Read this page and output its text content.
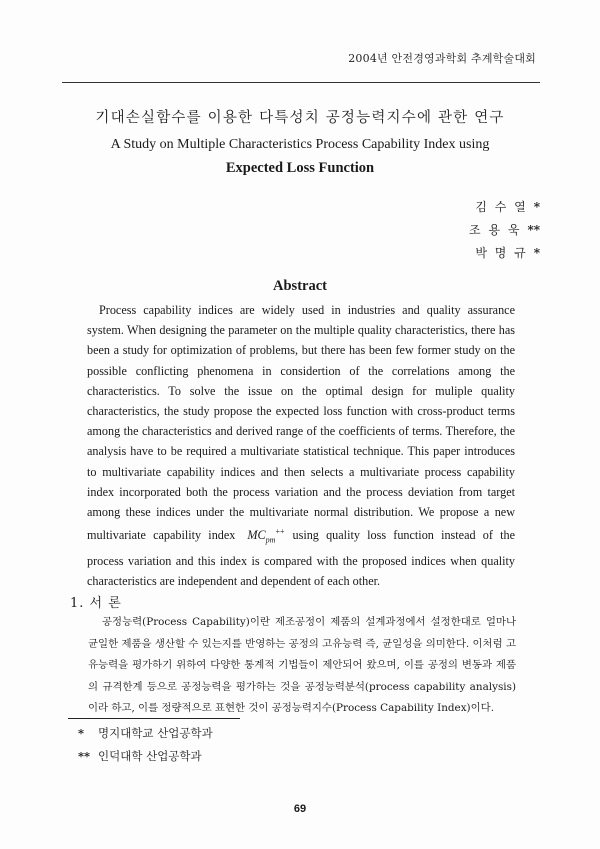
2004년 안전경영과학회 추계학술대회
기대손실함수를 이용한 다특성치 공정능력지수에 관한 연구
A Study on Multiple Characteristics Process Capability Index using
Expected Loss Function
김 수 열 *
조 용 욱 **
박 명 규 *
Abstract
Process capability indices are widely used in industries and quality assurance system. When designing the parameter on the multiple quality characteristics, there has been a study for optimization of problems, but there has been few former study on the possible conflicting phenomena in considertion of the correlations among the characteristics. To solve the issue on the optimal design for muliple quality characteristics, the study propose the expected loss function with cross-product terms among the characteristics and derived range of the coefficients of terms. Therefore, the analysis have to be required a multivariate statistical technique. This paper introduces to multivariate capability indices and then selects a multivariate process capability index incorporated both the process variation and the process deviation from target among these indices under the multivariate normal distribution. We propose a new multivariate capability index $MC_{pm}^{++}$ using quality loss function instead of the process variation and this index is compared with the proposed indices when quality characteristics are independent and dependent of each other.
1. 서 론
공정능력(Process Capability)이란 제조공정이 제품의 설계과정에서 설정한대로 얼마나 균일한 제품을 생산할 수 있는지를 반영하는 공정의 고유능력 즉, 균일성을 의미한다. 이처럼 고유능력을 평가하기 위하여 다양한 통계적 기법들이 제안되어 왔으며, 이를 공정의 변동과 제품의 규격한계 등으로 공정능력을 평가하는 것을 공정능력분석(process capability analysis)이라 하고, 이를 정량적으로 표현한 것이 공정능력지수(Process Capability Index)이다.
* 명지대학교 산업공학과
** 인덕대학 산업공학과
69
